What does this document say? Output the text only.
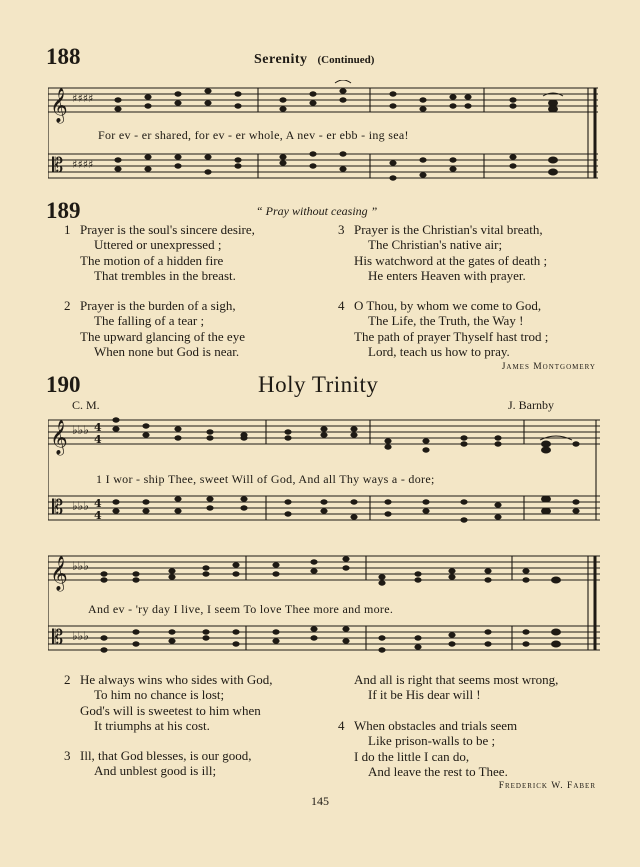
188	Serenity (Continued)
𝄞
𝄡
♯♯♯♯
♯♯♯♯
For ev - er shared, for ev - er whole, A nev - er ebb - ing sea!
189	“ Pray without ceasing ”
1 Prayer is the soul's sincere desire,
Uttered or unexpressed ;
The motion of a hidden fire
That trembles in the breast.
2 Prayer is the burden of a sigh,
The falling of a tear ;
The upward glancing of the eye
When none but God is near.
3 Prayer is the Christian's vital breath,
The Christian's native air;
His watchword at the gates of death ;
He enters Heaven with prayer.
4 O Thou, by whom we come to God,
The Life, the Truth, the Way !
The path of prayer Thyself hast trod ;
Lord, teach us how to pray.
James Montgomery
190	Holy Trinity
C. M.	J. Barnby
𝄞
𝄡
♭♭♭
♭♭♭
4
4
4
4
1 I wor - ship Thee, sweet Will of God, And all Thy ways a - dore;
𝄞
𝄡
♭♭♭
♭♭♭
And ev - 'ry day I live, I seem To love Thee more and more.
2 He always wins who sides with God,
To him no chance is lost;
God's will is sweetest to him when
It triumphs at his cost.
3 Ill, that God blesses, is our good,
And unblest good is ill;
And all is right that seems most wrong,
If it be His dear will !
4 When obstacles and trials seem
Like prison-walls to be ;
I do the little I can do,
And leave the rest to Thee.
Frederick W. Faber
145
